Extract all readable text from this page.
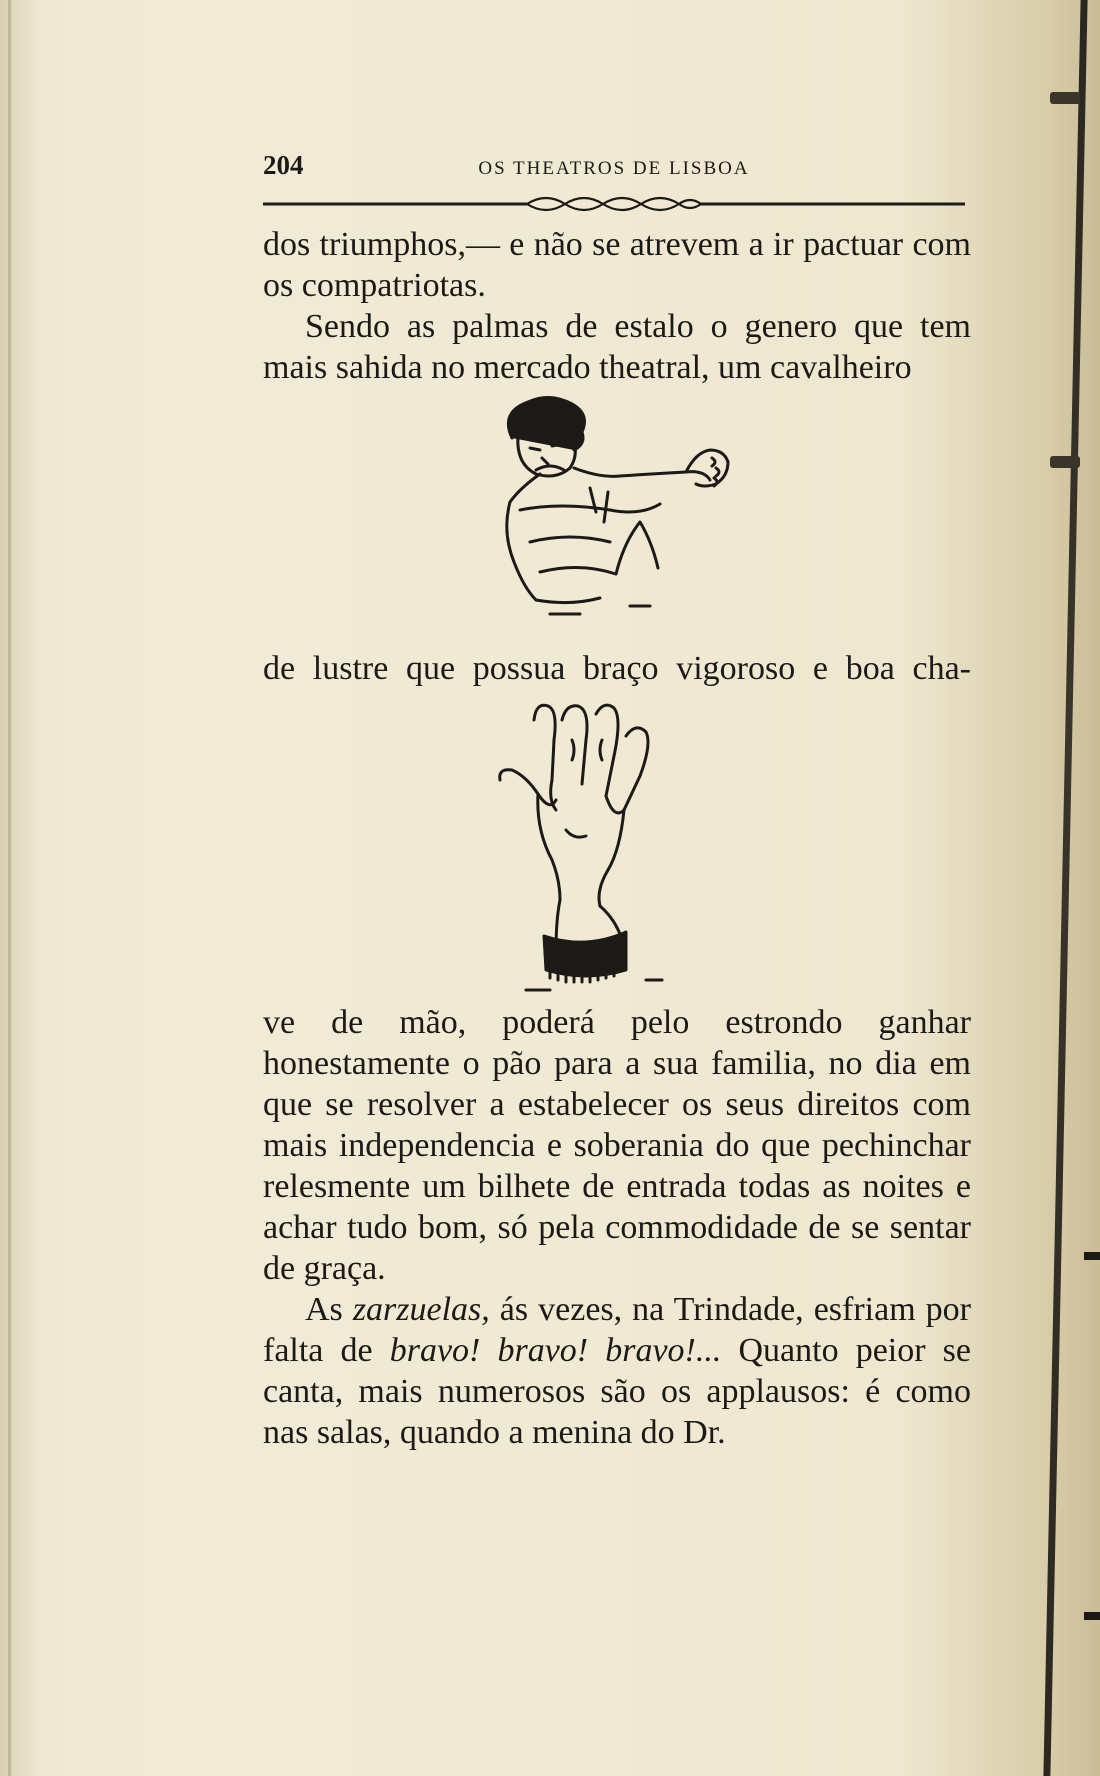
204	OS THEATROS DE LISBOA

dos triumphos,— e não se atrevem a ir pactuar com os compatriotas.

Sendo as palmas de estalo o genero que tem mais sahida no mercado theatral, um cavalheiro

de lustre que possua braço vigoroso e boa cha-

ve de mão, poderá pelo estrondo ganhar honestamente o pão para a sua familia, no dia em que se resolver a estabelecer os seus direitos com mais independencia e soberania do que pechinchar relesmente um bilhete de entrada todas as noites e achar tudo bom, só pela commodidade de se sentar de graça.

As zarzuelas, ás vezes, na Trindade, esfriam por falta de bravo! bravo! bravo!... Quanto peior se canta, mais numerosos são os applausos: é como nas salas, quando a menina do Dr.
